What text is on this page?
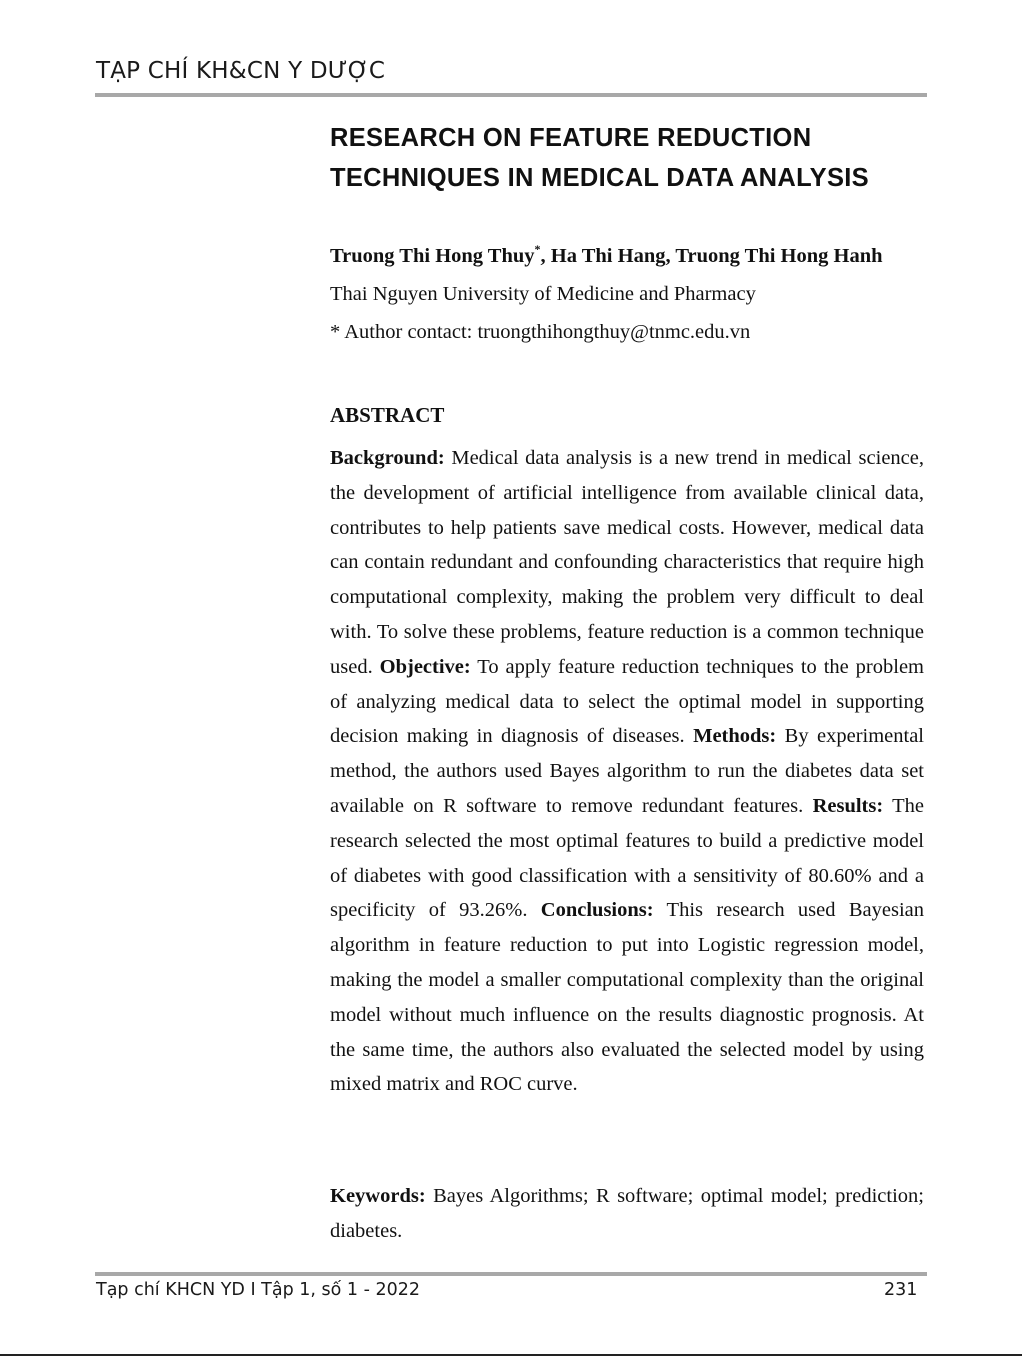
TẠP CHÍ KH&CN Y DƯỢC
RESEARCH ON FEATURE REDUCTION
TECHNIQUES IN MEDICAL DATA ANALYSIS
Truong Thi Hong Thuy*, Ha Thi Hang, Truong Thi Hong Hanh
Thai Nguyen University of Medicine and Pharmacy
* Author contact: truongthihongthuy@tnmc.edu.vn
ABSTRACT

Background: Medical data analysis is a new trend in medical science, the development of artificial intelligence from available clinical data, contributes to help patients save medical costs. However, medical data can contain redundant and confounding characteristics that require high computational complexity, making the problem very difficult to deal with. To solve these problems, feature reduction is a common technique used. Objective: To apply feature reduction techniques to the problem of analyzing medical data to select the optimal model in supporting decision making in diagnosis of diseases. Methods: By experimental method, the authors used Bayes algorithm to run the diabetes data set available on R software to remove redundant features. Results: The research selected the most optimal features to build a predictive model of diabetes with good classification with a sensitivity of 80.60% and a specificity of 93.26%. Conclusions: This research used Bayesian algorithm in feature reduction to put into Logistic regression model, making the model a smaller computational complexity than the original model without much influence on the results diagnostic prognosis. At the same time, the authors also evaluated the selected model by using mixed matrix and ROC curve.

Keywords: Bayes Algorithms; R software; optimal model; prediction; diabetes.

Tạp chí KHCN YD I Tập 1, số 1 - 2022	231
